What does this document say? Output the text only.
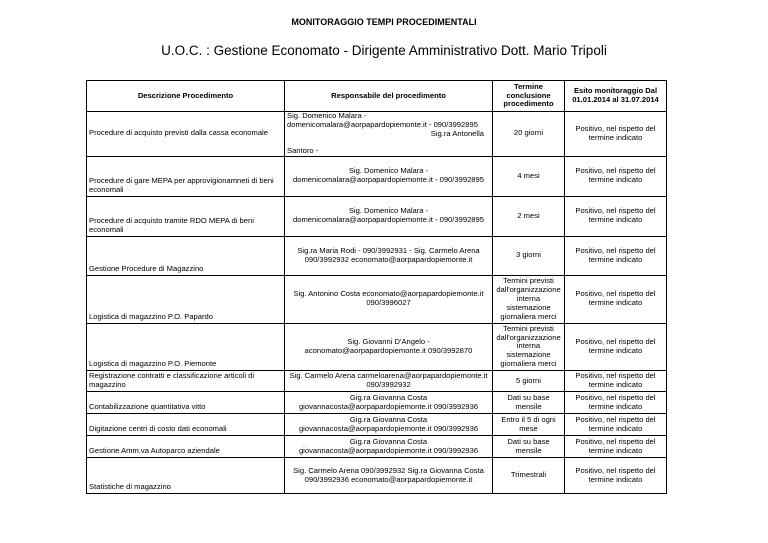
MONITORAGGIO TEMPI PROCEDIMENTALI
U.O.C. : Gestione Economato - Dirigente Amministrativo Dott. Mario Tripoli
Descrizione Procedimento	Responsabile del procedimento	Termine conclusione procedimento	Esito monitoraggio Dal 01.01.2014 al 31.07.2014
Procedure di acquisto previsti dalla cassa economale	Sig. Domenico Malara -
domenicomalara@aorpapardopiemonte.it - 090/3992895
Sig.ra Antonella
Santoro -	20 giorni	Positivo, nel rispetto del termine indicato
Procedure di gare MEPA per approvigionamneti di beni economali	Sig. Domenico Malara - domenicomalara@aorpapardopiemonte.it - 090/3992895	4 mesi	Positivo, nel rispetto del termine indicato
Procedure di acquisto tramite RDO MEPA di beni economali	Sig. Domenico Malara - domenicomalara@aorpapardopiemonte.it - 090/3992895	2 mesi	Positivo, nel rispetto del termine indicato
Gestione Procedure di Magazzino	Sig.ra Maria Rodi - 090/3992931 - Sig. Carmelo Arena 090/3992932 economato@aorpapardopiemonte.it	3 giorni	Positivo, nel rispetto del termine indicato
Logistica di magazzino P.O. Papardo	Sig. Antonino Costa economato@aorpapardopiemonte.it 090/3996027	Termini previsti dall'organizzazione interna sistemazione giornaliera merci	Positivo, nel rispetto del termine indicato
Logistica di magazzino P.O. Piemonte	Sig. Giovanni D'Angelo - aconomato@aorpapardopiemonte.it 090/3992870	Termini previsti dall'organizzazione interna sistemazione giornaliera merci	Positivo, nel rispetto del termine indicato
Registrazione contratti e classificazione articoli di magazzino	Sig. Carmelo Arena carmeloarena@aorpapardopiemonte.it 090/3992932	5 giorni	Positivo, nel rispetto del termine indicato
Contabilizzazione quantitativa vitto	Gig.ra Giovanna Costa giovannacosta@aorpapardopiemonte.it 090/3992936	Dati su base mensile	Positivo, nel rispetto del termine indicato
Digitazione centri di costo dati economali	Gig.ra Giovanna Costa giovannacosta@aorpapardopiemonte.it 090/3992936	Entro il 5 di ogni mese	Positivo, nel rispetto del termine indicato
Gestione Amm.va Autoparco aziendale	Gig.ra Giovanna Costa giovannacosta@aorpapardopiemonte.it 090/3992936	Dati su base mensile	Positivo, nel rispetto del termine indicato
Statistiche di magazzino	Sig. Carmelo Arena 090/3992932 Sig.ra Giovanna Costa 090/3992936 economato@aorpapardopiemonte.it	Trimestrali	Positivo, nel rispetto del termine indicato
